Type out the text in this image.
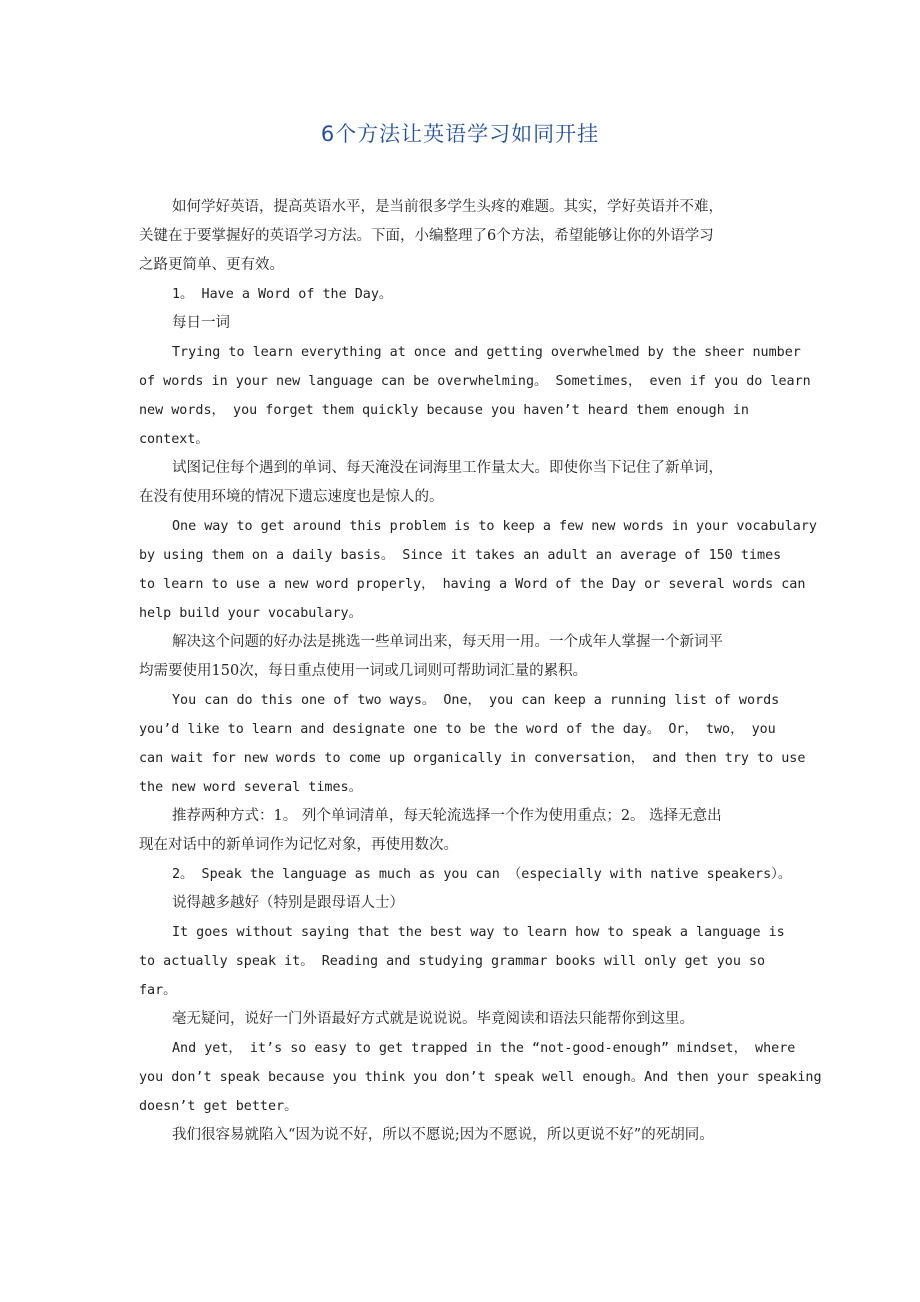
6个方法让英语学习如同开挂

如何学好英语，提高英语水平，是当前很多学生头疼的难题。其实，学好英语并不难，
关键在于要掌握好的英语学习方法。下面，小编整理了6个方法，希望能够让你的外语学习
之路更简单、更有效。

1。 Have a Word of the Day。

每日一词

Trying to learn everything at once and getting overwhelmed by the sheer number
of words in your new language can be overwhelming。 Sometimes， even if you do learn
new words， you forget them quickly because you haven’t heard them enough in
context。

试图记住每个遇到的单词、每天淹没在词海里工作量太大。即使你当下记住了新单词，
在没有使用环境的情况下遗忘速度也是惊人的。

One way to get around this problem is to keep a few new words in your vocabulary
by using them on a daily basis。 Since it takes an adult an average of 150 times
to learn to use a new word properly， having a Word of the Day or several words can
help build your vocabulary。

解决这个问题的好办法是挑选一些单词出来，每天用一用。一个成年人掌握一个新词平
均需要使用150次，每日重点使用一词或几词则可帮助词汇量的累积。

You can do this one of two ways。 One， you can keep a running list of words
you’d like to learn and designate one to be the word of the day。 Or， two， you
can wait for new words to come up organically in conversation， and then try to use
the new word several times。

推荐两种方式：1。 列个单词清单，每天轮流选择一个作为使用重点；2。 选择无意出
现在对话中的新单词作为记忆对象，再使用数次。

2。 Speak the language as much as you can （especially with native speakers）。

说得越多越好（特别是跟母语人士）

It goes without saying that the best way to learn how to speak a language is
to actually speak it。 Reading and studying grammar books will only get you so
far。

毫无疑问，说好一门外语最好方式就是说说说。毕竟阅读和语法只能帮你到这里。

And yet， it’s so easy to get trapped in the “not-good-enough” mindset， where
you don’t speak because you think you don’t speak well enough。And then your speaking
doesn’t get better。

我们很容易就陷入“因为说不好，所以不愿说;因为不愿说，所以更说不好”的死胡同。
